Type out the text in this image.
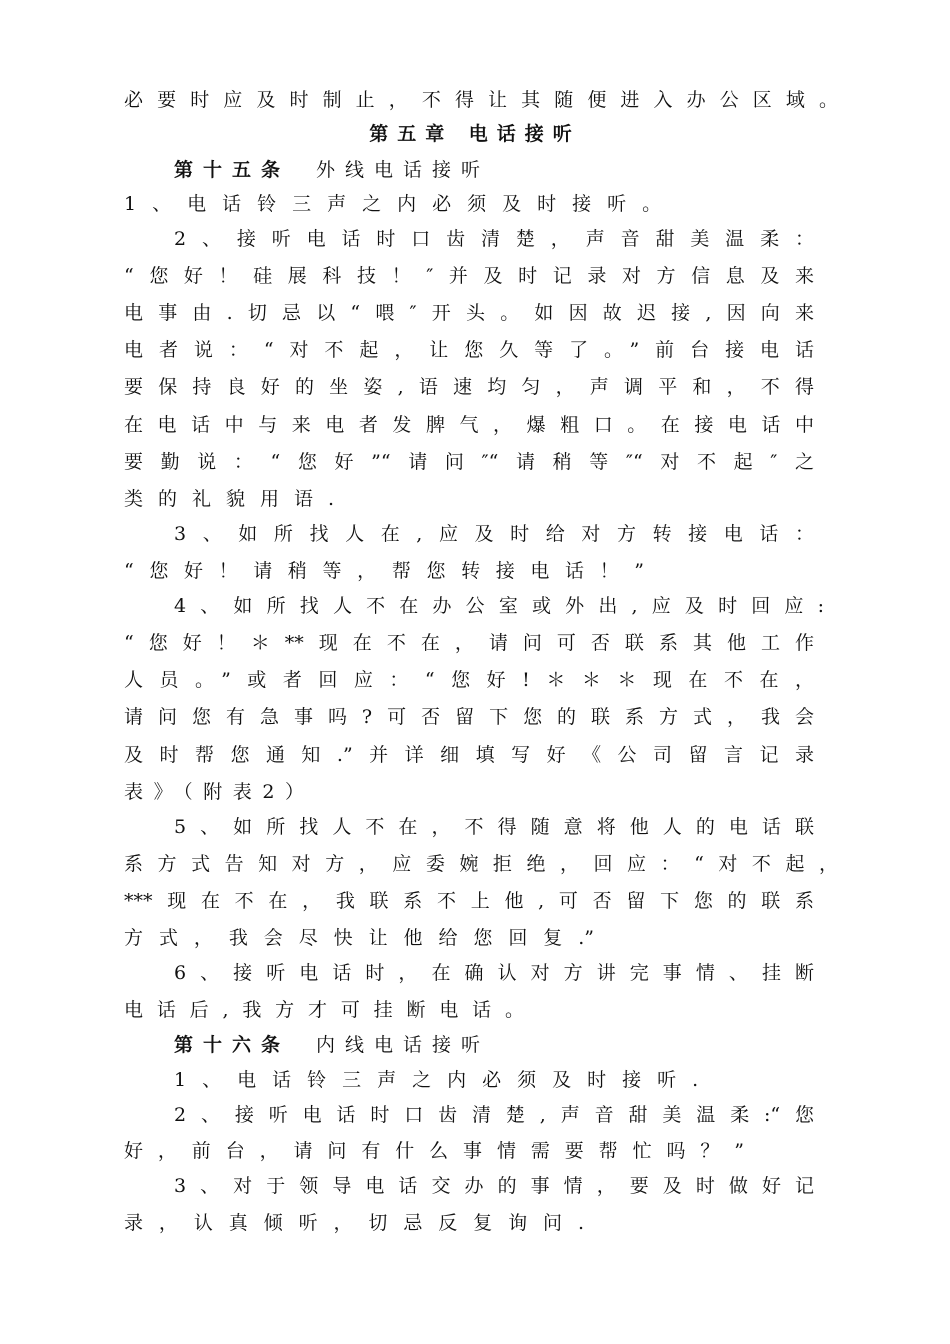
必要时应及时制止，不得让其随便进入办公区域。
第五章 电话接听
第十五条 外线电话接听
1、电话铃三声之内必须及时接听。
2、接听电话时口齿清楚，声音甜美温柔：
“您好！硅展科技！″并及时记录对方信息及来
电事由.切忌以“喂″开头。如因故迟接,因向来
电者说：“对不起，让您久等了。”前台接电话
要保持良好的坐姿,语速均匀，声调平和，不得
在电话中与来电者发脾气，爆粗口。在接电话中
要勤说：“您好”“请问″“请稍等″“对不起″之
类的礼貌用语.
3、如所找人在,应及时给对方转接电话：
“您好！请稍等，帮您转接电话！”
4、如所找人不在办公室或外出,应及时回应:
“您好！＊**现在不在，请问可否联系其他工作
人员。”或者回应：“您好!＊＊＊现在不在，
请问您有急事吗?可否留下您的联系方式，我会
及时帮您通知.”并详细填写好《公司留言记录
表》（附表2）
5、如所找人不在，不得随意将他人的电话联
系方式告知对方，应委婉拒绝，回应：“对不起，
***现在不在，我联系不上他,可否留下您的联系
方式，我会尽快让他给您回复.”
6、接听电话时，在确认对方讲完事情、挂断
电话后,我方才可挂断电话。
第十六条 内线电话接听
1、电话铃三声之内必须及时接听.
2、接听电话时口齿清楚,声音甜美温柔:“您
好，前台，请问有什么事情需要帮忙吗？”
3、对于领导电话交办的事情，要及时做好记
录，认真倾听，切忌反复询问.
